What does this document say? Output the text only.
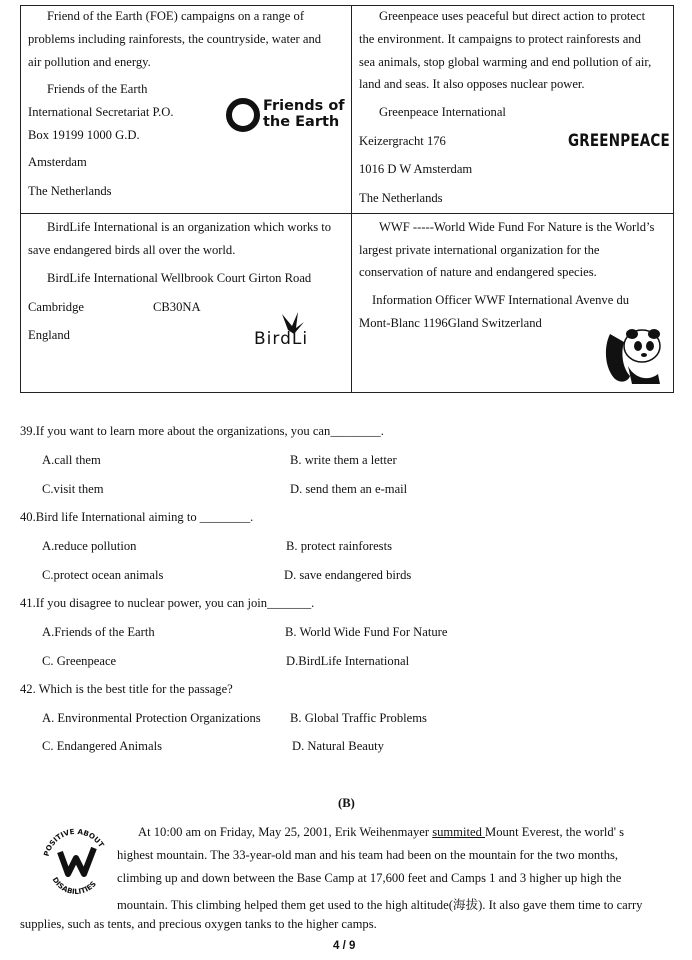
Friend of the Earth (FOE) campaigns on a range of
problems including rainforests, the countryside, water and
air pollution and energy.
Friends of the Earth
International Secretariat P.O.
Box 19199 1000 G.D.
Amsterdam
The Netherlands
Friends of
the Earth
Greenpeace uses peaceful but direct action to protect
the environment. It campaigns to protect rainforests and
sea animals, stop global warming and end pollution of air,
land and seas. It also opposes nuclear power.
Greenpeace International
Keizergracht 176
1016 D W Amsterdam
The Netherlands
GREENPEACE
BirdLife International is an organization which works to
save endangered birds all over the world.
BirdLife International Wellbrook Court Girton Road
Cambridge	CB30NA
England	BirdLi
WWF -----World Wide Fund For Nature is the World’s
largest private international organization for the
conservation of nature and endangered species.
Information Officer WWF International Avenve du
Mont-Blanc 1196Gland Switzerland
39.If you want to learn more about the organizations, you can________.
A.call them	B. write them a letter
C.visit them	D. send them an e-mail
40.Bird life International aiming to ________.
A.reduce pollution	B. protect rainforests
C.protect ocean animals	D. save endangered birds
41.If you disagree to nuclear power, you can join_______.
A.Friends of the Earth	B. World Wide Fund For Nature
C. Greenpeace	D.BirdLife International
42. Which is the best title for the passage?
A. Environmental Protection Organizations B. Global Traffic Problems
C. Endangered Animals	D. Natural Beauty
(B)
POSITIVE ABOUT
DISABILITIES
At 10:00 am on Friday, May 25, 2001, Erik Weihenmayer summited Mount Everest, the world' s
highest mountain. The 33-year-old man and his team had been on the mountain for the two months,
climbing up and down between the Base Camp at 17,600 feet and Camps 1 and 3 higher up high the
mountain. This climbing helped them get used to the high altitude(海拔). It also gave them time to carry
supplies, such as tents, and precious oxygen tanks to the higher camps.
4 / 9
